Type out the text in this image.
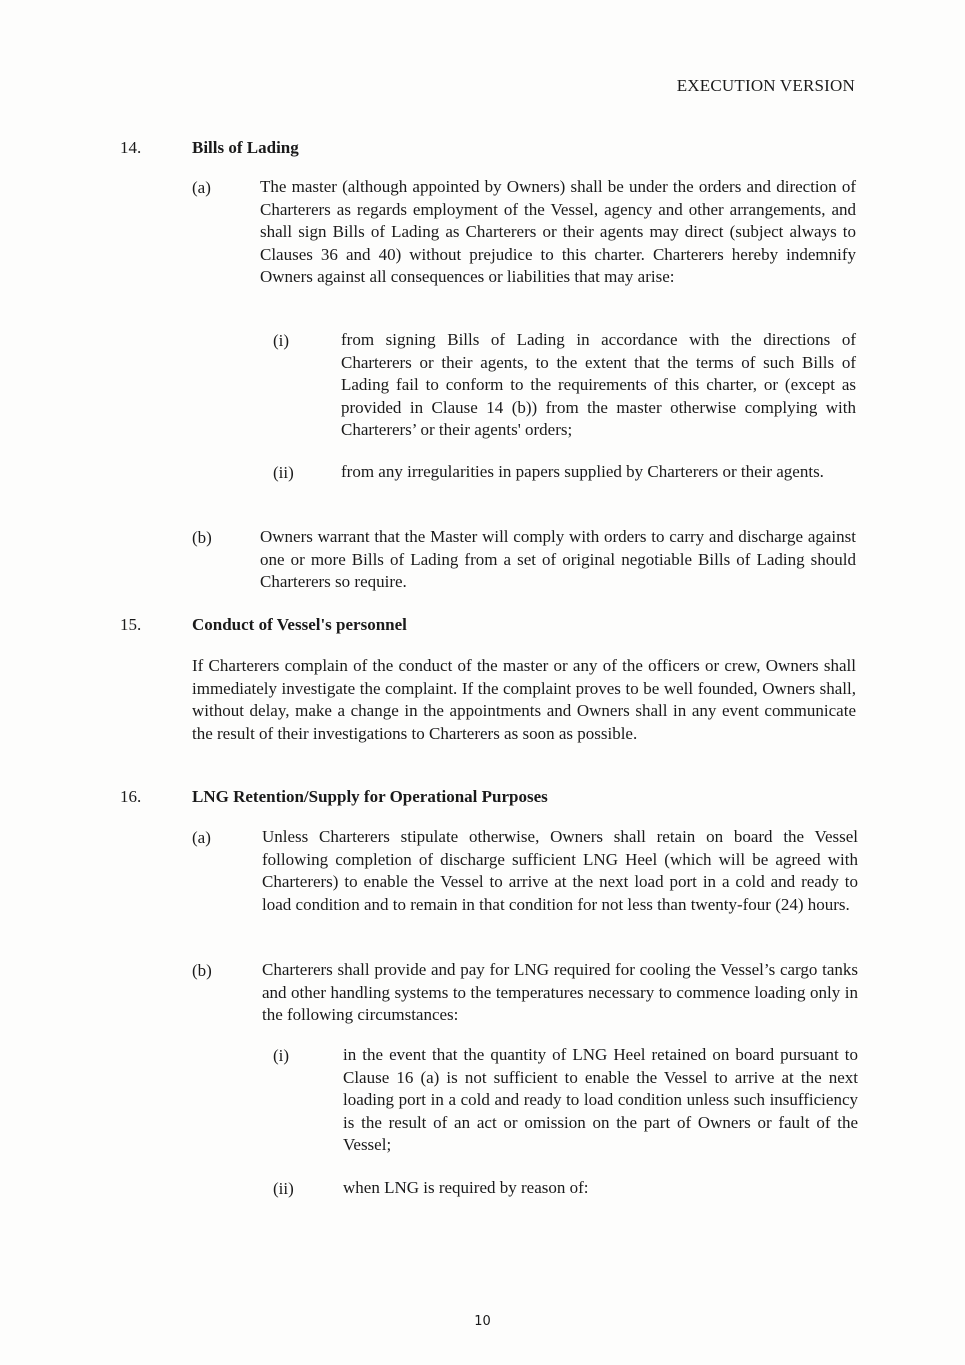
EXECUTION VERSION
14.	Bills of Lading
(a)	The master (although appointed by Owners) shall be under the orders and direction of Charterers as regards employment of the Vessel, agency and other arrangements, and shall sign Bills of Lading as Charterers or their agents may direct (subject always to Clauses 36 and 40) without prejudice to this charter. Charterers hereby indemnify Owners against all consequences or liabilities that may arise:
(i)	from signing Bills of Lading in accordance with the directions of Charterers or their agents, to the extent that the terms of such Bills of Lading fail to conform to the requirements of this charter, or (except as provided in Clause 14 (b)) from the master otherwise complying with Charterers’ or their agents' orders;
(ii)	from any irregularities in papers supplied by Charterers or their agents.
(b)	Owners warrant that the Master will comply with orders to carry and discharge against one or more Bills of Lading from a set of original negotiable Bills of Lading should Charterers so require.
15.	Conduct of Vessel's personnel
If Charterers complain of the conduct of the master or any of the officers or crew, Owners shall immediately investigate the complaint. If the complaint proves to be well founded, Owners shall, without delay, make a change in the appointments and Owners shall in any event communicate the result of their investigations to Charterers as soon as possible.
16.	LNG Retention/Supply for Operational Purposes
(a)	Unless Charterers stipulate otherwise, Owners shall retain on board the Vessel following completion of discharge sufficient LNG Heel (which will be agreed with Charterers) to enable the Vessel to arrive at the next load port in a cold and ready to load condition and to remain in that condition for not less than twenty-four (24) hours.
(b)	Charterers shall provide and pay for LNG required for cooling the Vessel’s cargo tanks and other handling systems to the temperatures necessary to commence loading only in the following circumstances:
(i)	in the event that the quantity of LNG Heel retained on board pursuant to Clause 16 (a) is not sufficient to enable the Vessel to arrive at the next loading port in a cold and ready to load condition unless such insufficiency is the result of an act or omission on the part of Owners or fault of the Vessel;
(ii)	when LNG is required by reason of:
10
